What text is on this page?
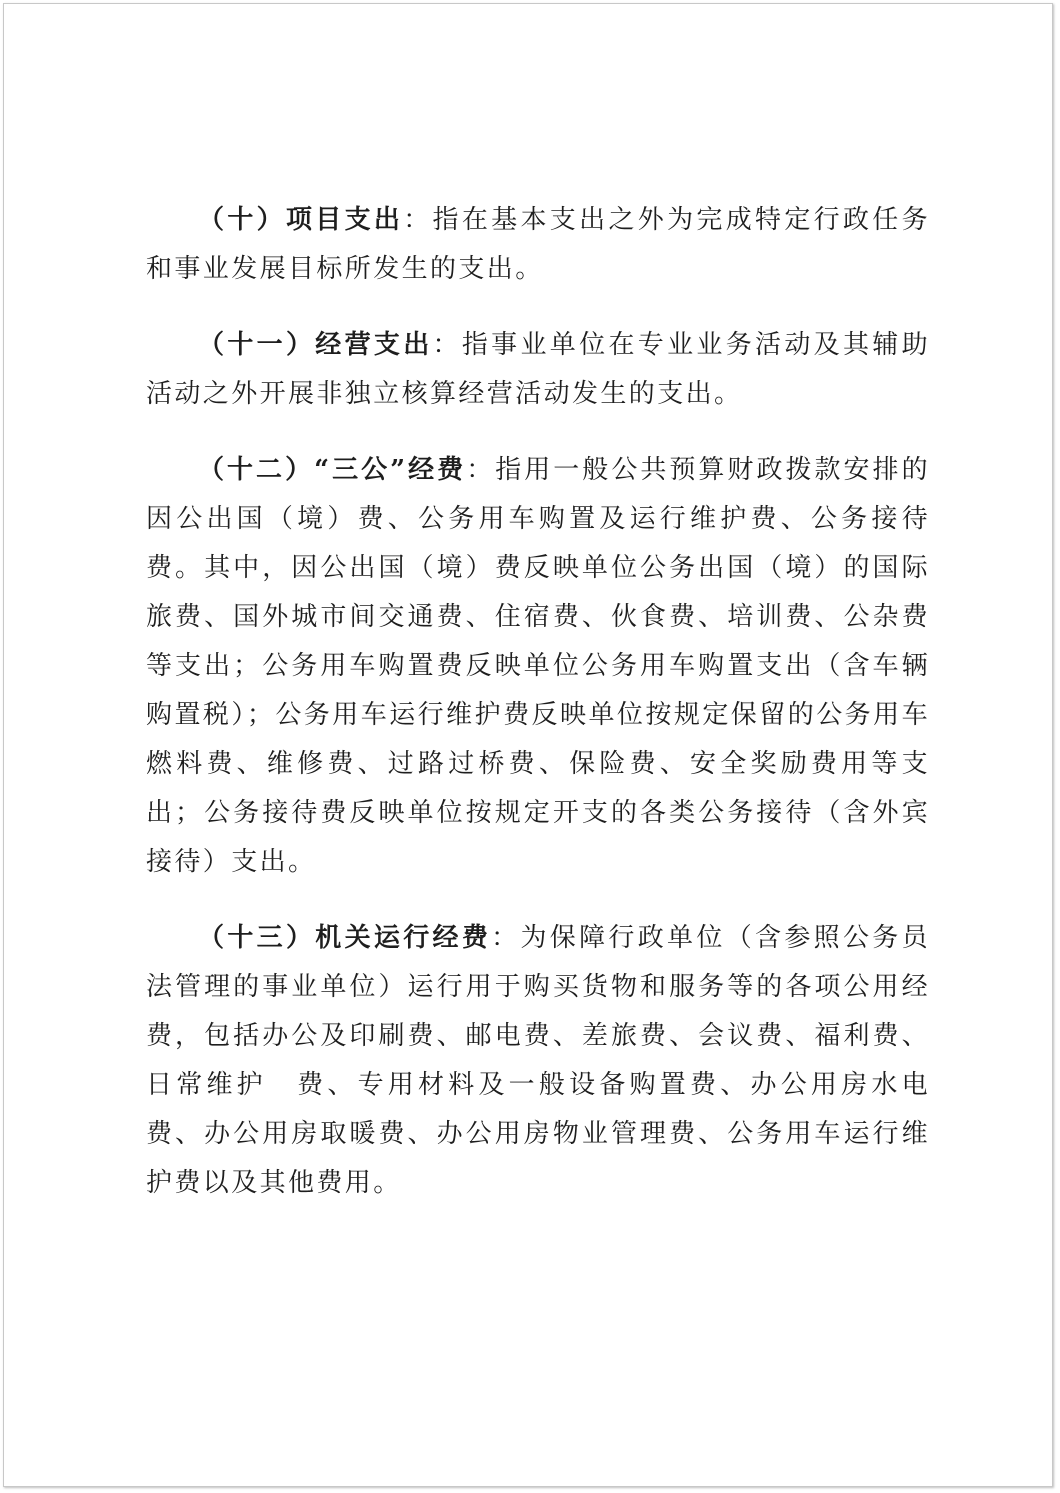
（十）项目支出：指在基本支出之外为完成特定行政任务和事业发展目标所发生的支出。

（十一）经营支出：指事业单位在专业业务活动及其辅助活动之外开展非独立核算经营活动发生的支出。

（十二）“三公”经费：指用一般公共预算财政拨款安排的因公出国（境）费、公务用车购置及运行维护费、公务接待费。其中，因公出国（境）费反映单位公务出国（境）的国际旅费、国外城市间交通费、住宿费、伙食费、培训费、公杂费等支出；公务用车购置费反映单位公务用车购置支出（含车辆购置税）；公务用车运行维护费反映单位按规定保留的公务用车燃料费、维修费、过路过桥费、保险费、安全奖励费用等支出；公务接待费反映单位按规定开支的各类公务接待（含外宾接待）支出。

（十三）机关运行经费：为保障行政单位（含参照公务员法管理的事业单位）运行用于购买货物和服务等的各项公用经费，包括办公及印刷费、邮电费、差旅费、会议费、福利费、日常维护　费、专用材料及一般设备购置费、办公用房水电费、办公用房取暖费、办公用房物业管理费、公务用车运行维护费以及其他费用。
